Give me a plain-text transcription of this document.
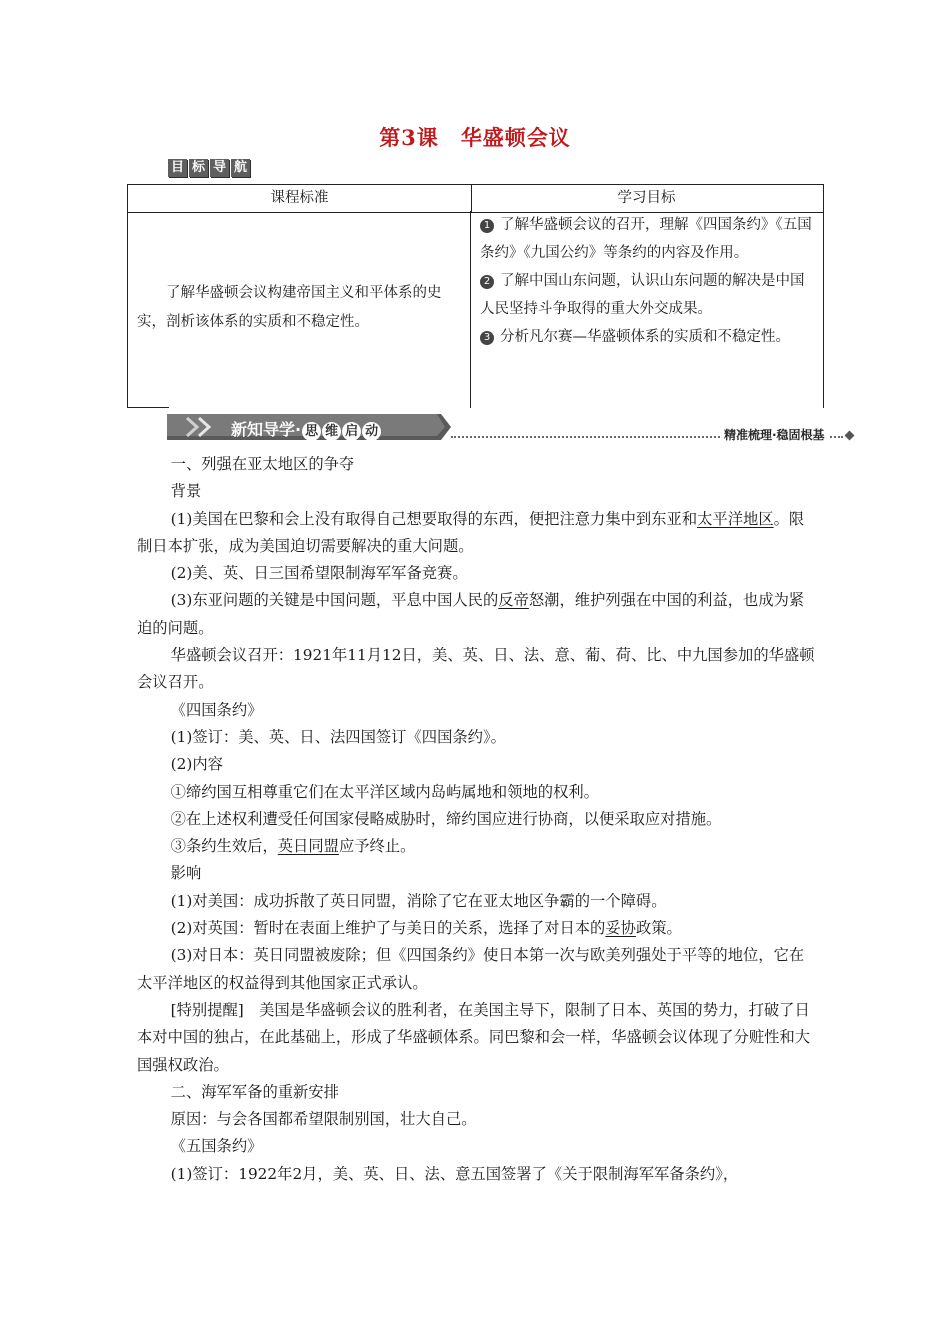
第3课　华盛顿会议
目 标 导 航
课程标准	学习目标
了解华盛顿会议构建帝国主义和平体系的史实，剖析该体系的实质和不稳定性。
1 了解华盛顿会议的召开，理解《四国条约》《五国条约》《九国公约》等条约的内容及作用。
2 了解中国山东问题，认识山东问题的解决是中国人民坚持斗争取得的重大外交成果。
3 分析凡尔赛—华盛顿体系的实质和不稳定性。
新知导学· 思 维 启 动	精准梳理·稳固根基

一、列强在亚太地区的争夺

背景

(1)美国在巴黎和会上没有取得自己想要取得的东西，便把注意力集中到东亚和太平洋地区。限制日本扩张，成为美国迫切需要解决的重大问题。

(2)美、英、日三国希望限制海军军备竞赛。

(3)东亚问题的关键是中国问题，平息中国人民的反帝怒潮，维护列强在中国的利益，也成为紧迫的问题。

华盛顿会议召开：1921年11月12日，美、英、日、法、意、葡、荷、比、中九国参加的华盛顿会议召开。

《四国条约》

(1)签订：美、英、日、法四国签订《四国条约》。

(2)内容

①缔约国互相尊重它们在太平洋区域内岛屿属地和领地的权利。

②在上述权利遭受任何国家侵略威胁时，缔约国应进行协商，以便采取应对措施。

③条约生效后，英日同盟应予终止。

影响

(1)对美国：成功拆散了英日同盟，消除了它在亚太地区争霸的一个障碍。

(2)对英国：暂时在表面上维护了与美日的关系，选择了对日本的妥协政策。

(3)对日本：英日同盟被废除；但《四国条约》使日本第一次与欧美列强处于平等的地位，它在太平洋地区的权益得到其他国家正式承认。

[特别提醒]　美国是华盛顿会议的胜利者，在美国主导下，限制了日本、英国的势力，打破了日本对中国的独占，在此基础上，形成了华盛顿体系。同巴黎和会一样，华盛顿会议体现了分赃性和大国强权政治。

二、海军军备的重新安排

原因：与会各国都希望限制别国，壮大自己。

《五国条约》

(1)签订：1922年2月，美、英、日、法、意五国签署了《关于限制海军军备条约》，
